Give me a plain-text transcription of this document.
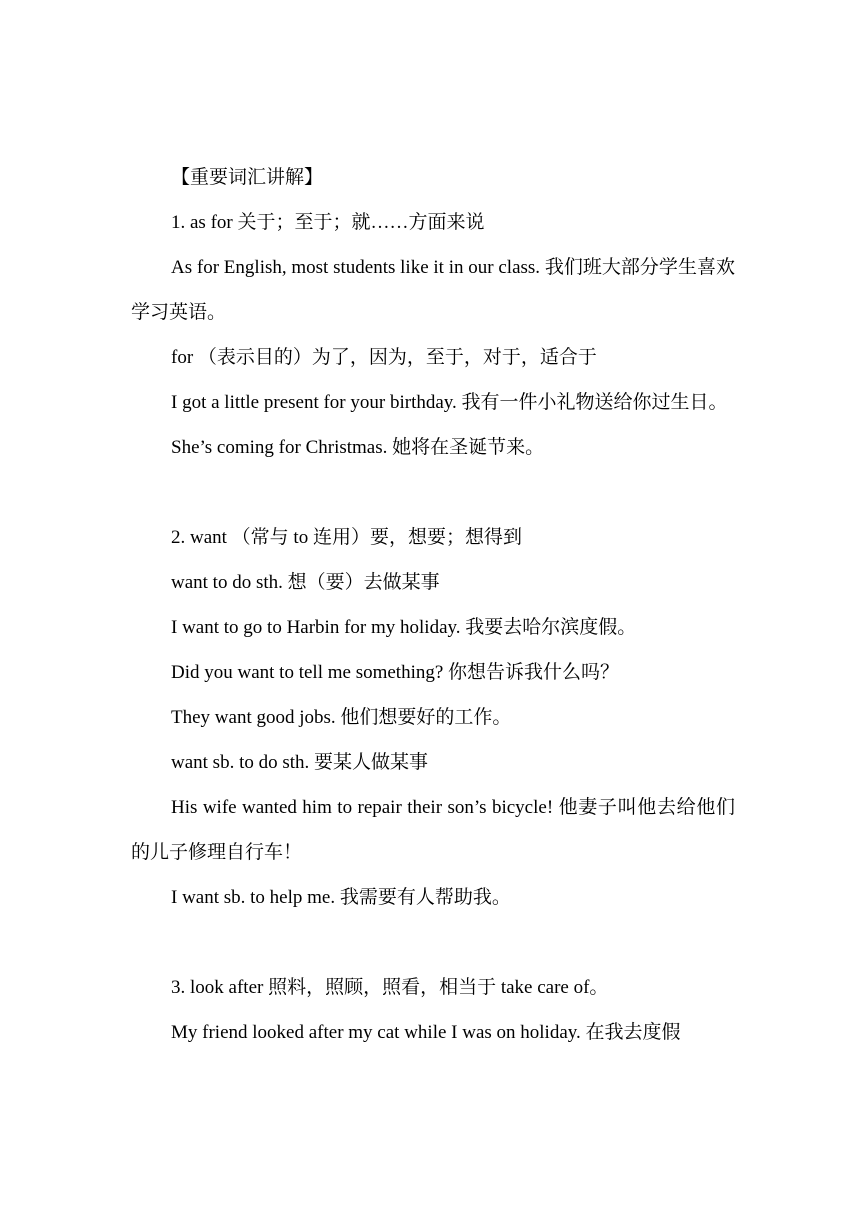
【重要词汇讲解】

1. as for 关于；至于；就……方面来说

As for English, most students like it in our class. 我们班大部分学生喜欢学习英语。

for （表示目的）为了，因为，至于，对于，适合于

I got a little present for your birthday. 我有一件小礼物送给你过生日。

She’s coming for Christmas. 她将在圣诞节来。

2. want （常与 to 连用）要，想要；想得到

want to do sth. 想（要）去做某事

I want to go to Harbin for my holiday. 我要去哈尔滨度假。

Did you want to tell me something? 你想告诉我什么吗？

They want good jobs. 他们想要好的工作。

want sb. to do sth. 要某人做某事

His wife wanted him to repair their son’s bicycle! 他妻子叫他去给他们的儿子修理自行车！

I want sb. to help me. 我需要有人帮助我。

3. look after 照料，照顾，照看，相当于 take care of。

My friend looked after my cat while I was on holiday. 在我去度假
